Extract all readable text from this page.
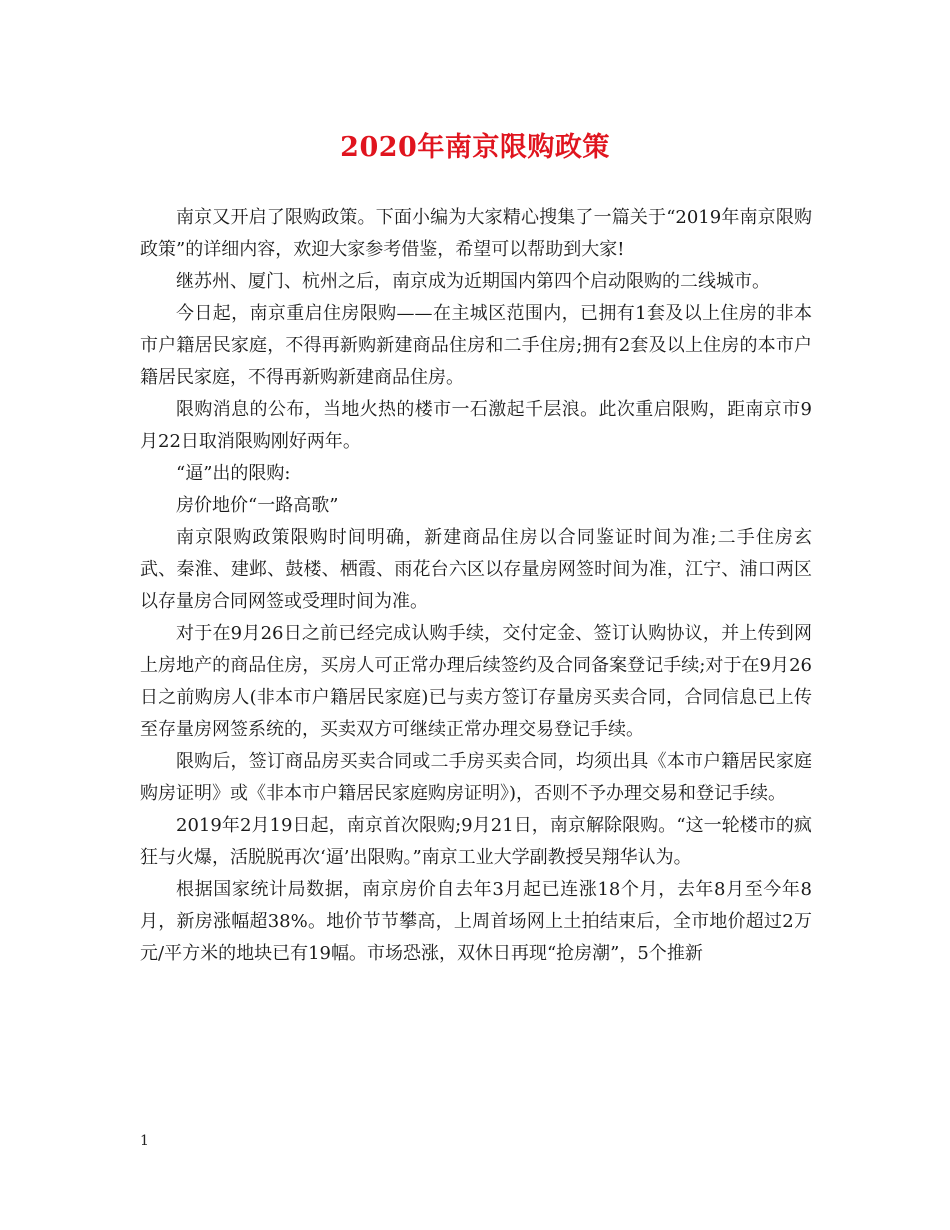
2020年南京限购政策

南京又开启了限购政策。下面小编为大家精心搜集了一篇关于“2019年南京限购政策”的详细内容，欢迎大家参考借鉴，希望可以帮助到大家!

继苏州、厦门、杭州之后，南京成为近期国内第四个启动限购的二线城市。

今日起，南京重启住房限购——在主城区范围内，已拥有1套及以上住房的非本市户籍居民家庭，不得再新购新建商品住房和二手住房;拥有2套及以上住房的本市户籍居民家庭，不得再新购新建商品住房。

限购消息的公布，当地火热的楼市一石激起千层浪。此次重启限购，距南京市9月22日取消限购刚好两年。

“逼”出的限购:

房价地价“一路高歌”

南京限购政策限购时间明确，新建商品住房以合同鉴证时间为准;二手住房玄武、秦淮、建邺、鼓楼、栖霞、雨花台六区以存量房网签时间为准，江宁、浦口两区以存量房合同网签或受理时间为准。

对于在9月26日之前已经完成认购手续，交付定金、签订认购协议，并上传到网上房地产的商品住房，买房人可正常办理后续签约及合同备案登记手续;对于在9月26日之前购房人(非本市户籍居民家庭)已与卖方签订存量房买卖合同，合同信息已上传至存量房网签系统的，买卖双方可继续正常办理交易登记手续。

限购后，签订商品房买卖合同或二手房买卖合同，均须出具《本市户籍居民家庭购房证明》或《非本市户籍居民家庭购房证明》)，否则不予办理交易和登记手续。

2019年2月19日起，南京首次限购;9月21日，南京解除限购。“这一轮楼市的疯狂与火爆，活脱脱再次‘逼’出限购。”南京工业大学副教授吴翔华认为。

根据国家统计局数据，南京房价自去年3月起已连涨18个月，去年8月至今年8月，新房涨幅超38%。地价节节攀高，上周首场网上土拍结束后，全市地价超过2万元/平方米的地块已有19幅。市场恐涨，双休日再现“抢房潮”，5个推新

1
